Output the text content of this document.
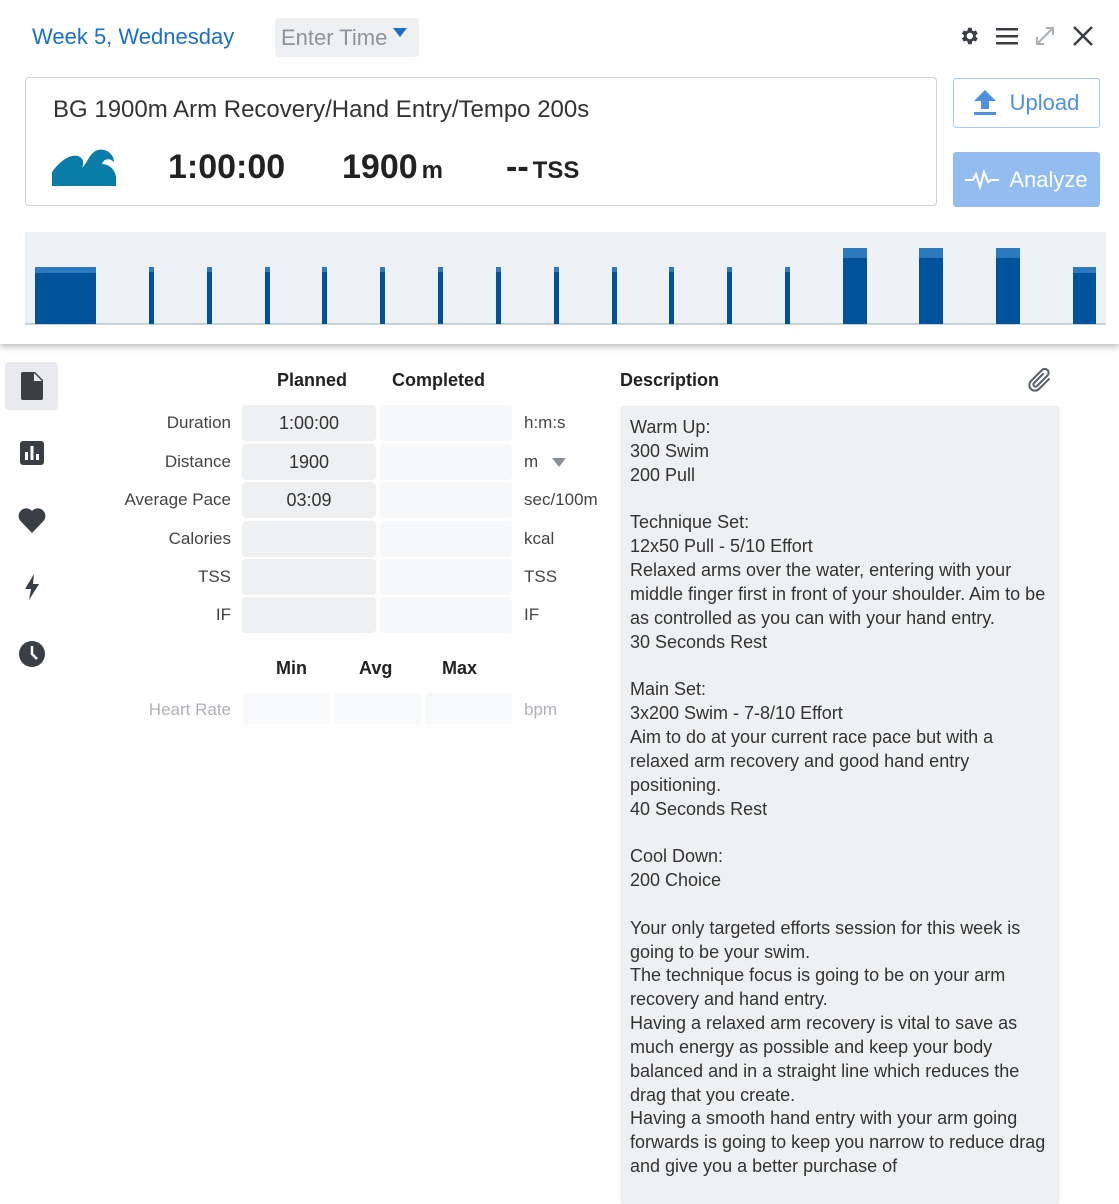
Week 5, Wednesday Enter Time
BG 1900m Arm Recovery/Hand Entry/Tempo 200s
1:00:00 1900 m -- TSS
Upload
Analyze
Planned Completed
Duration	1:00:00	h:m:s
Distance	1900	m
Average Pace	03:09	sec/100m
Calories	kcal
TSS	TSS
IF	IF
Min	Avg	Max
Heart Rate	bpm
Description
Warm Up:
300 Swim
200 Pull

Technique Set:
12x50 Pull - 5/10 Effort
Relaxed arms over the water, entering with your middle finger first in front of your shoulder. Aim to be as controlled as you can with your hand entry.
30 Seconds Rest

Main Set:
3x200 Swim - 7-8/10 Effort
Aim to do at your current race pace but with a relaxed arm recovery and good hand entry positioning.
40 Seconds Rest

Cool Down:
200 Choice

Your only targeted efforts session for this week is going to be your swim.
The technique focus is going to be on your arm recovery and hand entry.
Having a relaxed arm recovery is vital to save as much energy as possible and keep your body balanced and in a straight line which reduces the drag that you create.
Having a smooth hand entry with your arm going forwards is going to keep you narrow to reduce drag and give you a better purchase of
